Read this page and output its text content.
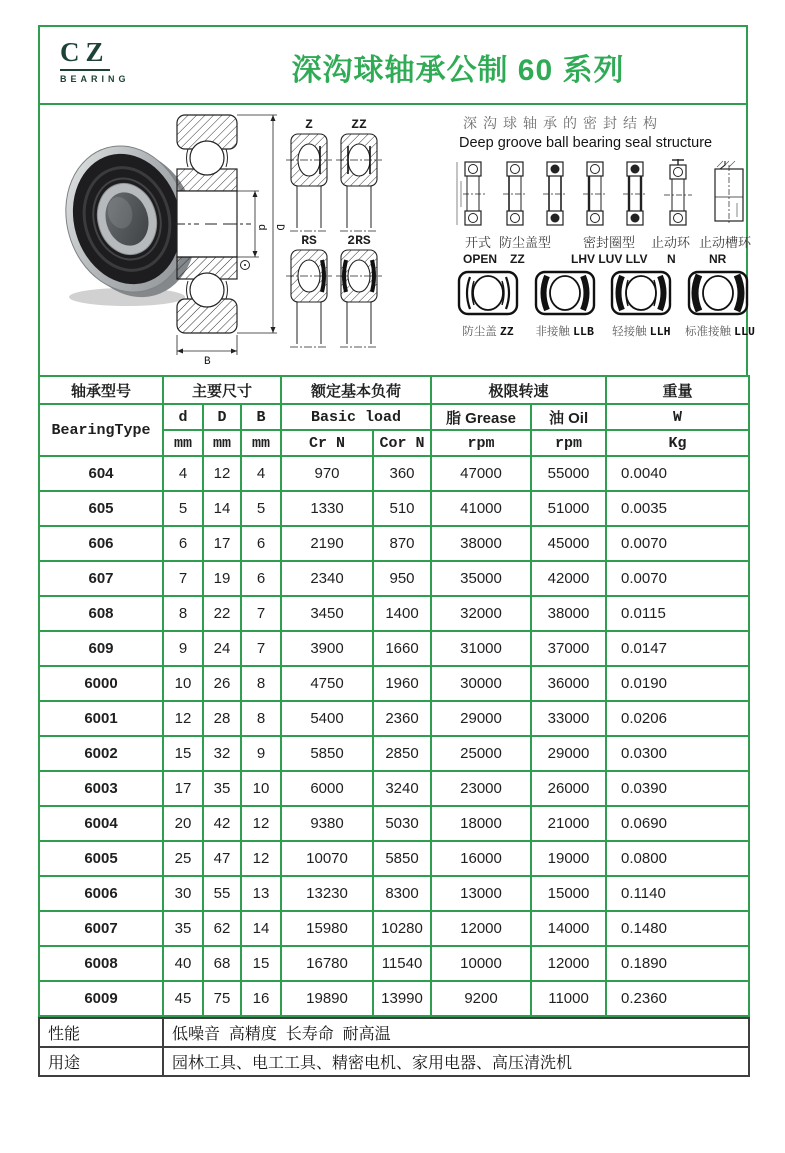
CZ
BEARING	深沟球轴承公制 60 系列
d D
B
Z	ZZ
RS	2RS
深沟球轴承的密封结构
Deep groove ball bearing seal structure
开式 防尘盖型 密封圈型 止动环 止动槽环
OPEN ZZ	LHV LUV LLV N	NR
防尘盖 ZZ	非接触 LLB	轻接触 LLH	标准接触 LLU
轴承型号	主要尺寸			额定基本负荷		极限转速		重量
BearingType	d	D	B	Basic load		脂 Grease	油 Oil	W
	mm	mm	mm	Cr N	Cor N	rpm	rpm	Kg
604	4	12	4	970	360	47000	55000	0.0040
605	5	14	5	1330	510	41000	51000	0.0035
606	6	17	6	2190	870	38000	45000	0.0070
607	7	19	6	2340	950	35000	42000	0.0070
608	8	22	7	3450	1400	32000	38000	0.0115
609	9	24	7	3900	1660	31000	37000	0.0147
6000	10	26	8	4750	1960	30000	36000	0.0190
6001	12	28	8	5400	2360	29000	33000	0.0206
6002	15	32	9	5850	2850	25000	29000	0.0300
6003	17	35	10	6000	3240	23000	26000	0.0390
6004	20	42	12	9380	5030	18000	21000	0.0690
6005	25	47	12	10070	5850	16000	19000	0.0800
6006	30	55	13	13230	8300	13000	15000	0.1140
6007	35	62	14	15980	10280	12000	14000	0.1480
6008	40	68	15	16780	11540	10000	12000	0.1890
6009	45	75	16	19890	13990	9200	11000	0.2360
性能	低噪音  高精度  长寿命  耐高温
用途	园林工具、电工工具、精密电机、家用电器、高压清洗机
